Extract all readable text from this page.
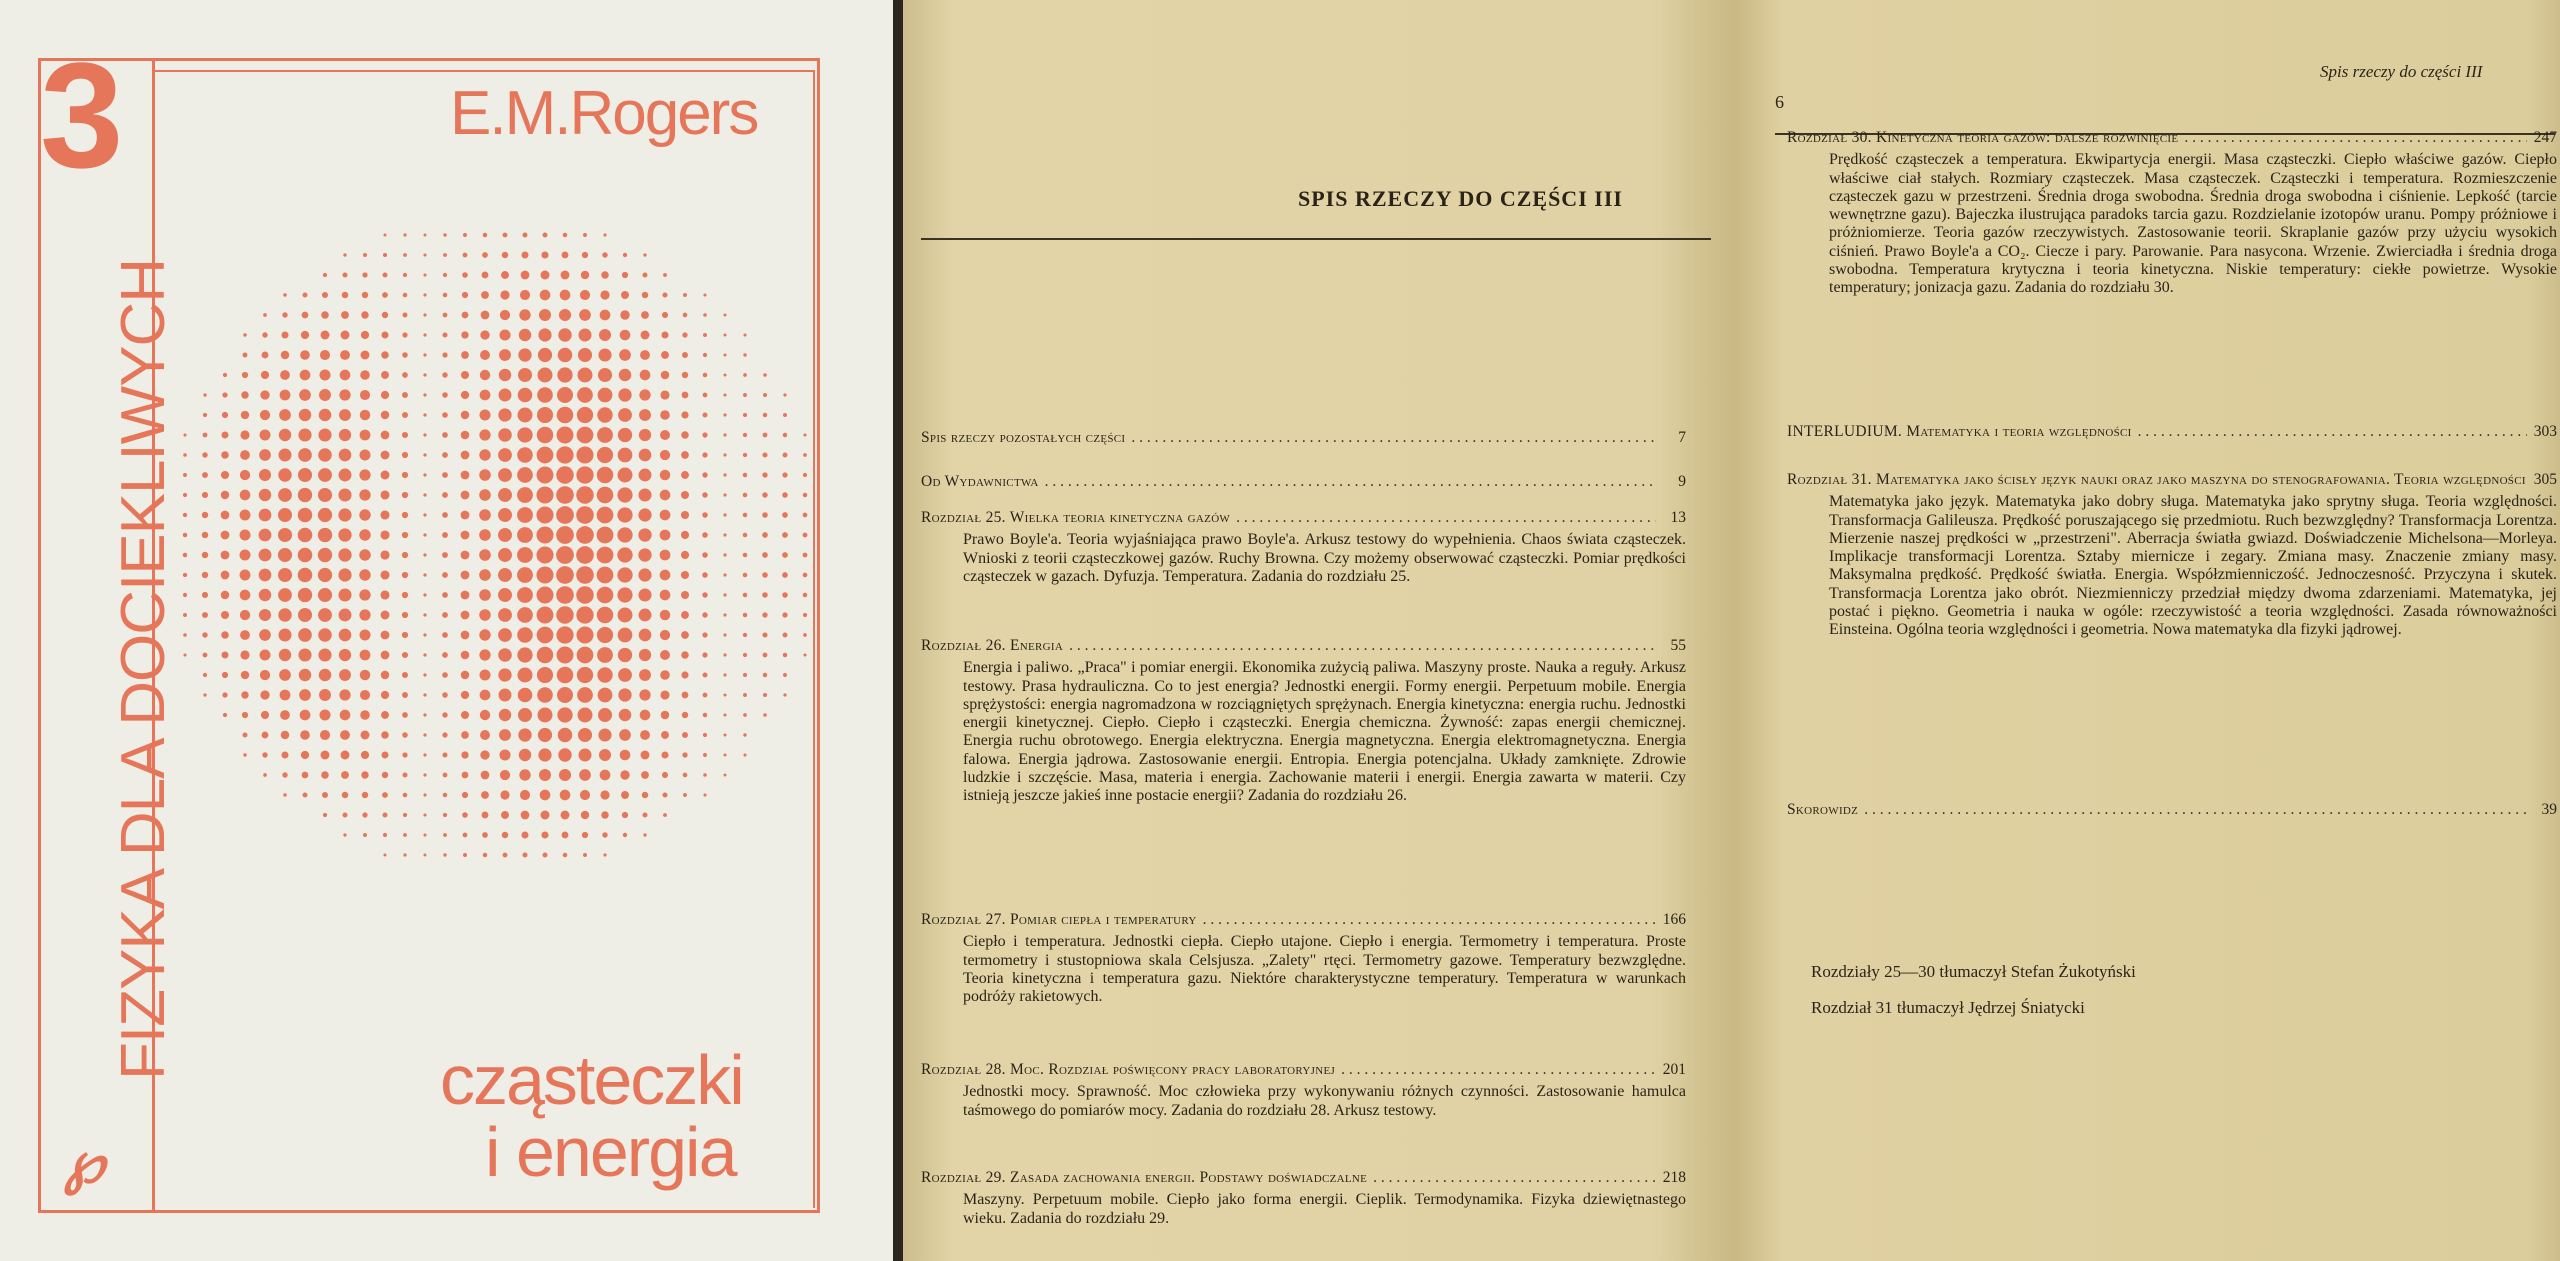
3
FIZYKA DLA DOCIEKLIWYCH
E.M.Rogers
cząsteczki
i energia
℘
SPIS RZECZY DO CZĘŚCI III
Spis rzeczy pozostałych części . . .	7
Od Wydawnictwa . . .	9
Rozdział 25. Wielka teoria kinetyczna gazów . . .	13
Prawo Boyle'a. Teoria wyjaśniająca prawo Boyle'a. Arkusz testowy do wypełnienia. Chaos świata cząsteczek. Wnioski z teorii cząsteczkowej gazów. Ruchy Browna. Czy możemy obserwować cząsteczki. Pomiar prędkości cząsteczek w gazach. Dyfuzja. Temperatura. Zadania do rozdziału 25.
Rozdział 26. Energia . . .	55
Energia i paliwo. „Praca" i pomiar energii. Ekonomika zużycią paliwa. Maszyny proste. Nauka a reguły. Arkusz testowy. Prasa hydrauliczna. Co to jest energia? Jednostki energii. Formy energii. Perpetuum mobile. Energia sprężystości: energia nagromadzona w rozciągniętych sprężynach. Energia kinetyczna: energia ruchu. Jednostki energii kinetycznej. Ciepło. Ciepło i cząsteczki. Energia chemiczna. Żywność: zapas energii chemicznej. Energia ruchu obrotowego. Energia elektryczna. Energia magnetyczna. Energia elektromagnetyczna. Energia falowa. Energia jądrowa. Zastosowanie energii. Entropia. Energia potencjalna. Układy zamknięte. Zdrowie ludzkie i szczęście. Masa, materia i energia. Zachowanie materii i energii. Energia zawarta w materii. Czy istnieją jeszcze jakieś inne postacie energii? Zadania do rozdziału 26.
Rozdział 27. Pomiar ciepła i temperatury . . .	166
Ciepło i temperatura. Jednostki ciepła. Ciepło utajone. Ciepło i energia. Termometry i temperatura. Proste termometry i stustopniowa skala Celsjusza. „Zalety" rtęci. Termometry gazowe. Temperatury bezwzględne. Teoria kinetyczna i temperatura gazu. Niektóre charakterystyczne temperatury. Temperatura w warunkach podróży rakietowych.
Rozdział 28. Moc. Rozdział poświęcony pracy laboratoryjnej . . .	201
Jednostki mocy. Sprawność. Moc człowieka przy wykonywaniu różnych czynności. Zastosowanie hamulca taśmowego do pomiarów mocy. Zadania do rozdziału 28. Arkusz testowy.
Rozdział 29. Zasada zachowania energii. Podstawy doświadczalne . . .	218
Maszyny. Perpetuum mobile. Ciepło jako forma energii. Cieplik. Termodynamika. Fizyka dziewiętnastego wieku. Zadania do rozdziału 29.
6
Spis rzeczy do części III
Rozdział 30. Kinetyczna teoria gazów: dalsze rozwinięcie . . .	247
Prędkość cząsteczek a temperatura. Ekwipartycja energii. Masa cząsteczki. Ciepło właściwe gazów. Ciepło właściwe ciał stałych. Rozmiary cząsteczek. Masa cząsteczek. Cząsteczki i temperatura. Rozmieszczenie cząsteczek gazu w przestrzeni. Średnia droga swobodna. Średnia droga swobodna i ciśnienie. Lepkość (tarcie wewnętrzne gazu). Bajeczka ilustrująca paradoks tarcia gazu. Rozdzielanie izotopów uranu. Pompy próżniowe i próżniomierze. Teoria gazów rzeczywistych. Zastosowanie teorii. Skraplanie gazów przy użyciu wysokich ciśnień. Prawo Boyle'a a CO₂. Ciecze i pary. Parowanie. Para nasycona. Wrzenie. Zwierciadła i średnia droga swobodna. Temperatura krytyczna i teoria kinetyczna. Niskie temperatury: ciekłe powietrze. Wysokie temperatury; jonizacja gazu. Zadania do rozdziału 30.
INTERLUDIUM. Matematyka i teoria względności . . .	303
Rozdział 31. Matematyka jako ścisły język nauki oraz jako maszyna do stenografowania. Teoria względności 305
Matematyka jako język. Matematyka jako dobry sługa. Matematyka jako sprytny sługa. Teoria względności. Transformacja Galileusza. Prędkość poruszającego się przedmiotu. Ruch bezwzględny? Transformacja Lorentza. Mierzenie naszej prędkości w „przestrzeni". Aberracja światła gwiazd. Doświadczenie Michelsona—Morleya. Implikacje transformacji Lorentza. Sztaby miernicze i zegary. Zmiana masy. Znaczenie zmiany masy. Maksymalna prędkość. Prędkość światła. Energia. Współzmienniczość. Jednoczesność. Przyczyna i skutek. Transformacja Lorentza jako obrót. Niezmienniczy przedział między dwoma zdarzeniami. Matematyka, jej postać i piękno. Geometria i nauka w ogóle: rzeczywistość a teoria względności. Zasada równoważności Einsteina. Ogólna teoria względności i geometria. Nowa matematyka dla fizyki jądrowej.
Skorowidz . . .	39
Rozdziały 25—30 tłumaczył Stefan Żukotyński
Rozdział 31 tłumaczył Jędrzej Śniatycki
